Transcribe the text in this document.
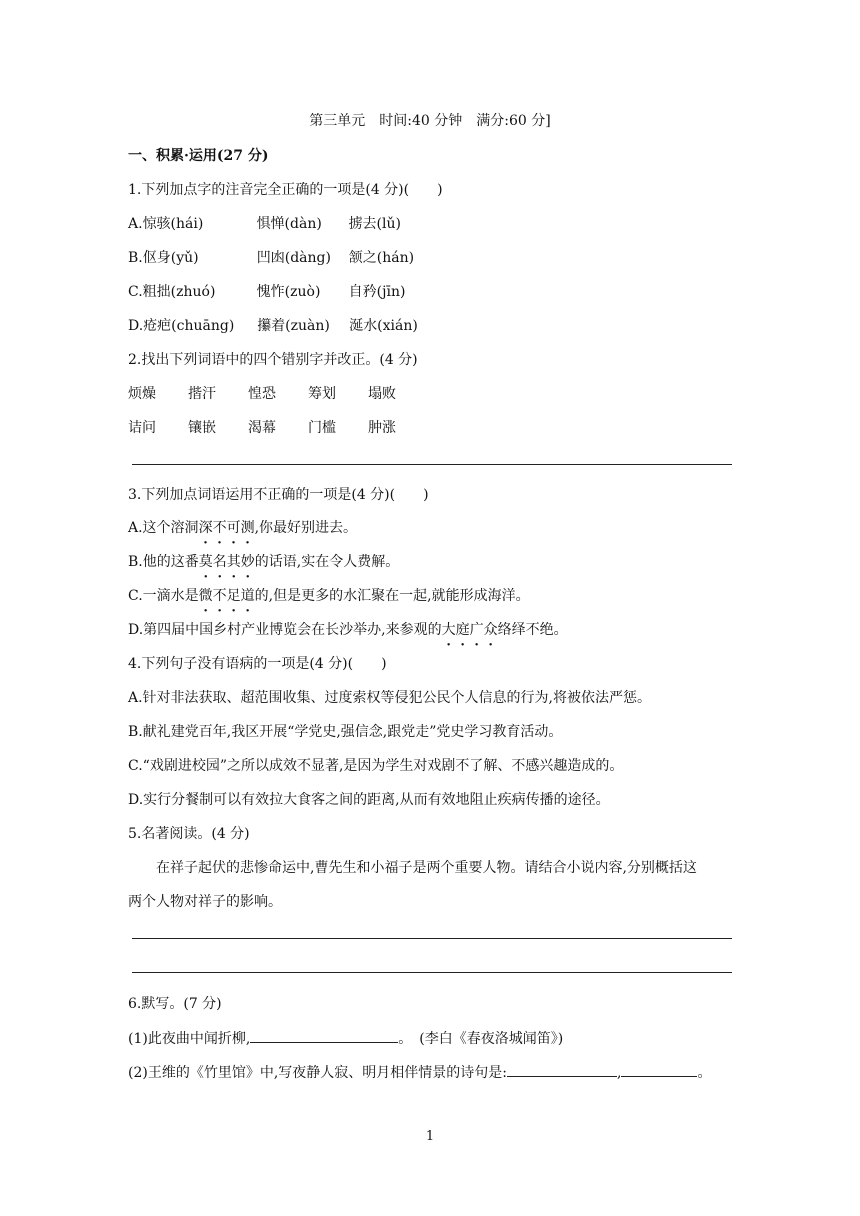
第三单元　时间:40 分钟　满分:60 分]
一、积累·运用(27 分)
1.下列加点字的注音完全正确的一项是(4 分)(　　)
A.惊骇(hái)	惧惮(dàn) 掳去(lǔ)
B.伛身(yǔ)	凹凼(dàng) 颔之(hán)
C.粗拙(zhuó)	愧怍(zuò) 自矜(jīn)
D.疮疤(chuāng) 攥着(zuàn) 涎水(xián)
2.找出下列词语中的四个错别字并改正。(4 分)
烦燥 揩汗 惶恐 筹划 塌败
诘问 镶嵌 渴幕 门槛 肿涨
3.下列加点词语运用不正确的一项是(4 分)(　　)
A.这个溶洞深不可测,你最好别进去。
B.他的这番莫名其妙的话语,实在令人费解。
C.一滴水是微不足道的,但是更多的水汇聚在一起,就能形成海洋。
D.第四届中国乡村产业博览会在长沙举办,来参观的大庭广众络绎不绝。
4.下列句子没有语病的一项是(4 分)(　　)
A.针对非法获取、超范围收集、过度索权等侵犯公民个人信息的行为,将被依法严惩。
B.献礼建党百年,我区开展“学党史,强信念,跟党走”党史学习教育活动。
C.“戏剧进校园”之所以成效不显著,是因为学生对戏剧不了解、不感兴趣造成的。
D.实行分餐制可以有效拉大食客之间的距离,从而有效地阻止疾病传播的途径。
5.名著阅读。(4 分)
在祥子起伏的悲惨命运中,曹先生和小福子是两个重要人物。请结合小说内容,分别概括这
两个人物对祥子的影响。
6.默写。(7 分)
(1)此夜曲中闻折柳,	。　(李白《春夜洛城闻笛》)
(2)王维的《竹里馆》中,写夜静人寂、明月相伴情景的诗句是:	,	。
1
